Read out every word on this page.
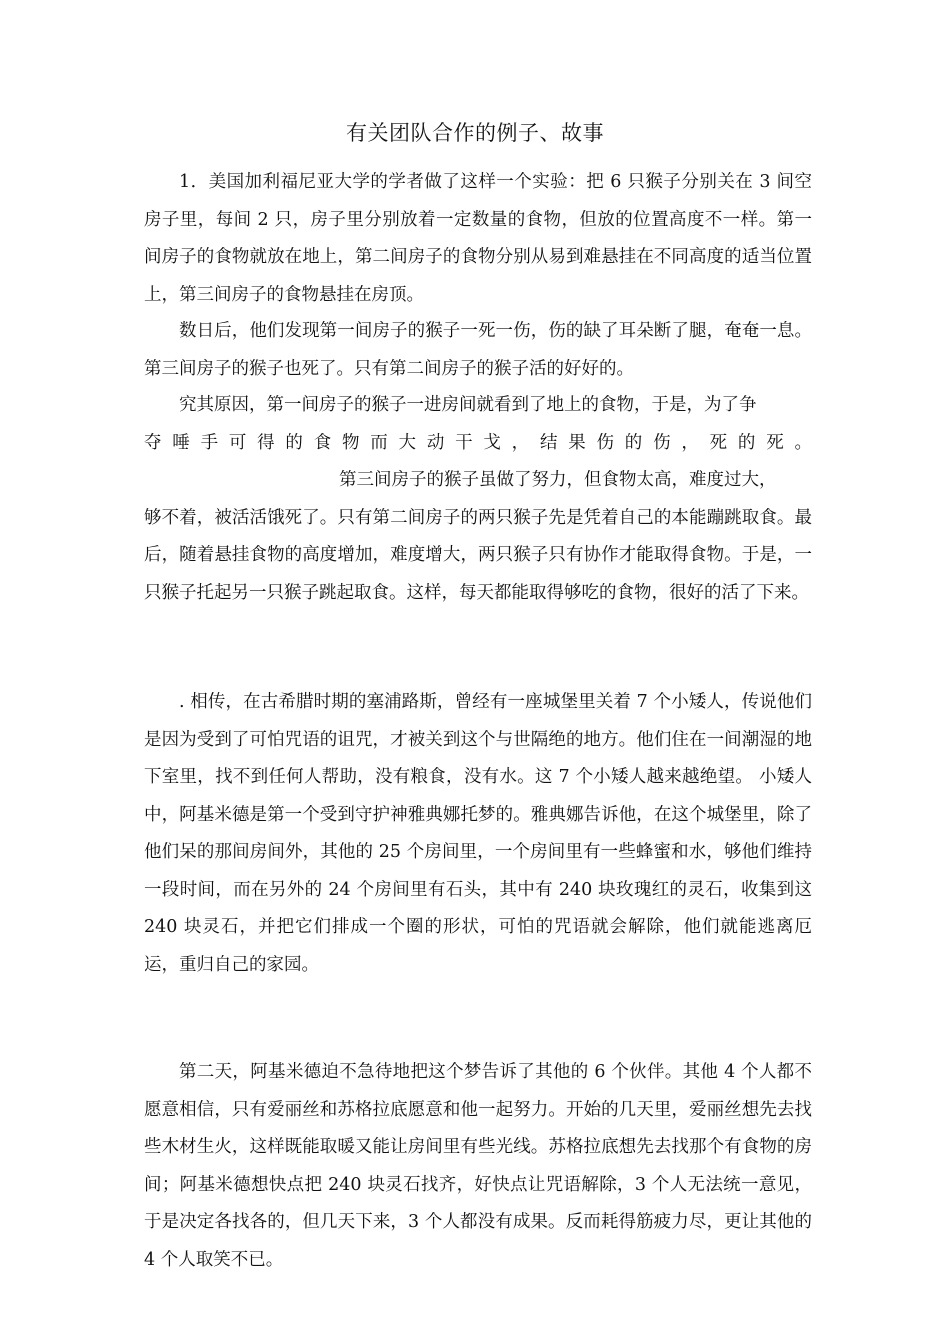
有关团队合作的例子、故事

1．美国加利福尼亚大学的学者做了这样一个实验：把 6 只猴子分别关在 3 间空房子里，每间 2 只，房子里分别放着一定数量的食物，但放的位置高度不一样。第一间房子的食物就放在地上，第二间房子的食物分别从易到难悬挂在不同高度的适当位置上，第三间房子的食物悬挂在房顶。

数日后，他们发现第一间房子的猴子一死一伤，伤的缺了耳朵断了腿，奄奄一息。第三间房子的猴子也死了。只有第二间房子的猴子活的好好的。

究其原因，第一间房子的猴子一进房间就看到了地上的食物，于是，为了争
夺 唾 手 可 得 的 食 物 而 大 动 干 戈 ， 结 果 伤 的 伤 ， 死 的 死 。
第三间房子的猴子虽做了努力，但食物太高，难度过大，
够不着，被活活饿死了。只有第二间房子的两只猴子先是凭着自己的本能蹦跳取食。最后，随着悬挂食物的高度增加，难度增大，两只猴子只有协作才能取得食物。于是，一只猴子托起另一只猴子跳起取食。这样，每天都能取得够吃的食物，很好的活了下来。

. 相传，在古希腊时期的塞浦路斯，曾经有一座城堡里关着 7 个小矮人，传说他们是因为受到了可怕咒语的诅咒，才被关到这个与世隔绝的地方。他们住在一间潮湿的地下室里，找不到任何人帮助，没有粮食，没有水。这 7 个小矮人越来越绝望。 小矮人中，阿基米德是第一个受到守护神雅典娜托梦的。雅典娜告诉他，在这个城堡里，除了他们呆的那间房间外，其他的 25 个房间里，一个房间里有一些蜂蜜和水，够他们维持一段时间，而在另外的 24 个房间里有石头，其中有 240 块玫瑰红的灵石，收集到这 240 块灵石，并把它们排成一个圈的形状，可怕的咒语就会解除，他们就能逃离厄运，重归自己的家园。

第二天，阿基米德迫不急待地把这个梦告诉了其他的 6 个伙伴。其他 4 个人都不愿意相信，只有爱丽丝和苏格拉底愿意和他一起努力。开始的几天里，爱丽丝想先去找些木材生火，这样既能取暖又能让房间里有些光线。苏格拉底想先去找那个有食物的房间；阿基米德想快点把 240 块灵石找齐，好快点让咒语解除，3 个人无法统一意见，于是决定各找各的，但几天下来，3 个人都没有成果。反而耗得筋疲力尽，更让其他的 4 个人取笑不已。
